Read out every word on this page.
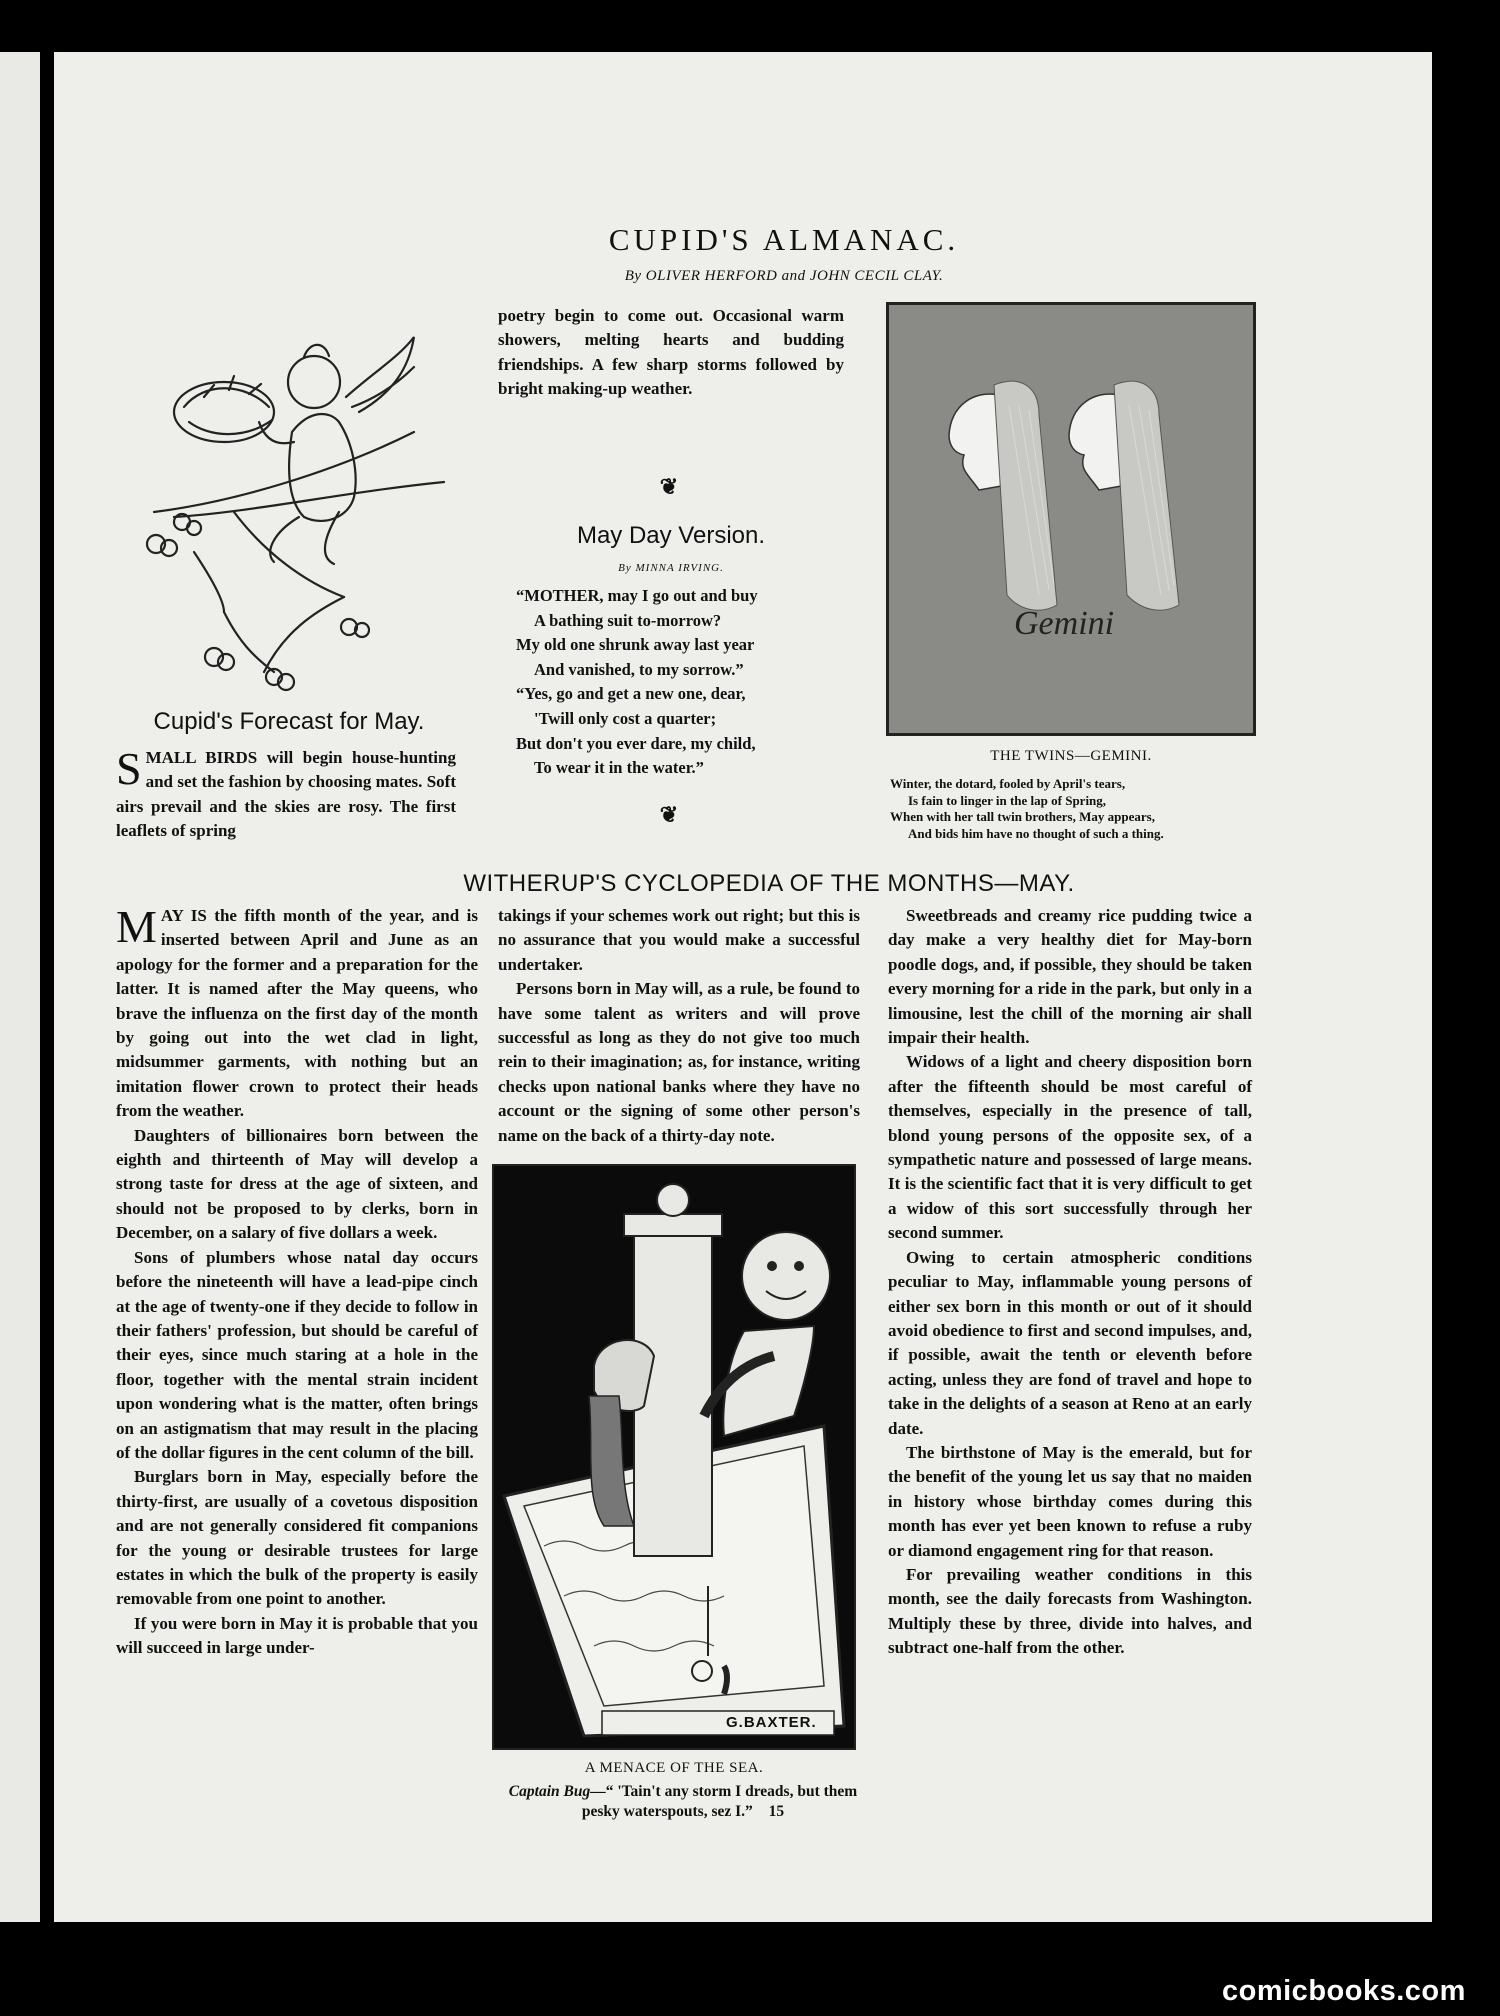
CUPID'S ALMANAC.
By OLIVER HERFORD and JOHN CECIL CLAY.
Cupid's Forecast for May.

SMALL BIRDS will begin house-hunting and set the fashion by choosing mates. Soft airs prevail and the skies are rosy. The first leaflets of spring

poetry begin to come out. Occasional warm showers, melting hearts and budding friendships. A few sharp storms followed by bright making-up weather.

❦
May Day Version.
By MINNA IRVING.
“MOTHER, may I go out and buy
A bathing suit to-morrow?
My old one shrunk away last year
And vanished, to my sorrow.”
“Yes, go and get a new one, dear,
'Twill only cost a quarter;
But don't you ever dare, my child,
To wear it in the water.”
❦
Gemini
THE TWINS—GEMINI.
Winter, the dotard, fooled by April's tears,
Is fain to linger in the lap of Spring,
When with her tall twin brothers, May appears,
And bids him have no thought of such a thing.
WITHERUP'S CYCLOPEDIA OF THE MONTHS—MAY.

MAY IS the fifth month of the year, and is inserted between April and June as an apology for the former and a preparation for the latter. It is named after the May queens, who brave the influenza on the first day of the month by going out into the wet clad in light, midsummer garments, with nothing but an imitation flower crown to protect their heads from the weather.

Daughters of billionaires born between the eighth and thirteenth of May will develop a strong taste for dress at the age of sixteen, and should not be proposed to by clerks, born in December, on a salary of five dollars a week.

Sons of plumbers whose natal day occurs before the nineteenth will have a lead-pipe cinch at the age of twenty-one if they decide to follow in their fathers' profession, but should be careful of their eyes, since much staring at a hole in the floor, together with the mental strain incident upon wondering what is the matter, often brings on an astigmatism that may result in the placing of the dollar figures in the cent column of the bill.

Burglars born in May, especially before the thirty-first, are usually of a covetous disposition and are not generally considered fit companions for the young or desirable trustees for large estates in which the bulk of the property is easily removable from one point to another.

If you were born in May it is probable that you will succeed in large under-

takings if your schemes work out right; but this is no assurance that you would make a successful undertaker.

Persons born in May will, as a rule, be found to have some talent as writers and will prove successful as long as they do not give too much rein to their imagination; as, for instance, writing checks upon national banks where they have no account or the signing of some other person's name on the back of a thirty-day note.

G.BAXTER.
A MENACE OF THE SEA.
Captain Bug—“ 'Tain't any storm I dreads, but them pesky waterspouts, sez I.” 15

Sweetbreads and creamy rice pudding twice a day make a very healthy diet for May-born poodle dogs, and, if possible, they should be taken every morning for a ride in the park, but only in a limousine, lest the chill of the morning air shall impair their health.

Widows of a light and cheery disposition born after the fifteenth should be most careful of themselves, especially in the presence of tall, blond young persons of the opposite sex, of a sympathetic nature and possessed of large means. It is the scientific fact that it is very difficult to get a widow of this sort successfully through her second summer.

Owing to certain atmospheric conditions peculiar to May, inflammable young persons of either sex born in this month or out of it should avoid obedience to first and second impulses, and, if possible, await the tenth or eleventh before acting, unless they are fond of travel and hope to take in the delights of a season at Reno at an early date.

The birthstone of May is the emerald, but for the benefit of the young let us say that no maiden in history whose birthday comes during this month has ever yet been known to refuse a ruby or diamond engagement ring for that reason.

For prevailing weather conditions in this month, see the daily forecasts from Washington. Multiply these by three, divide into halves, and subtract one-half from the other.

comicbooks.com
